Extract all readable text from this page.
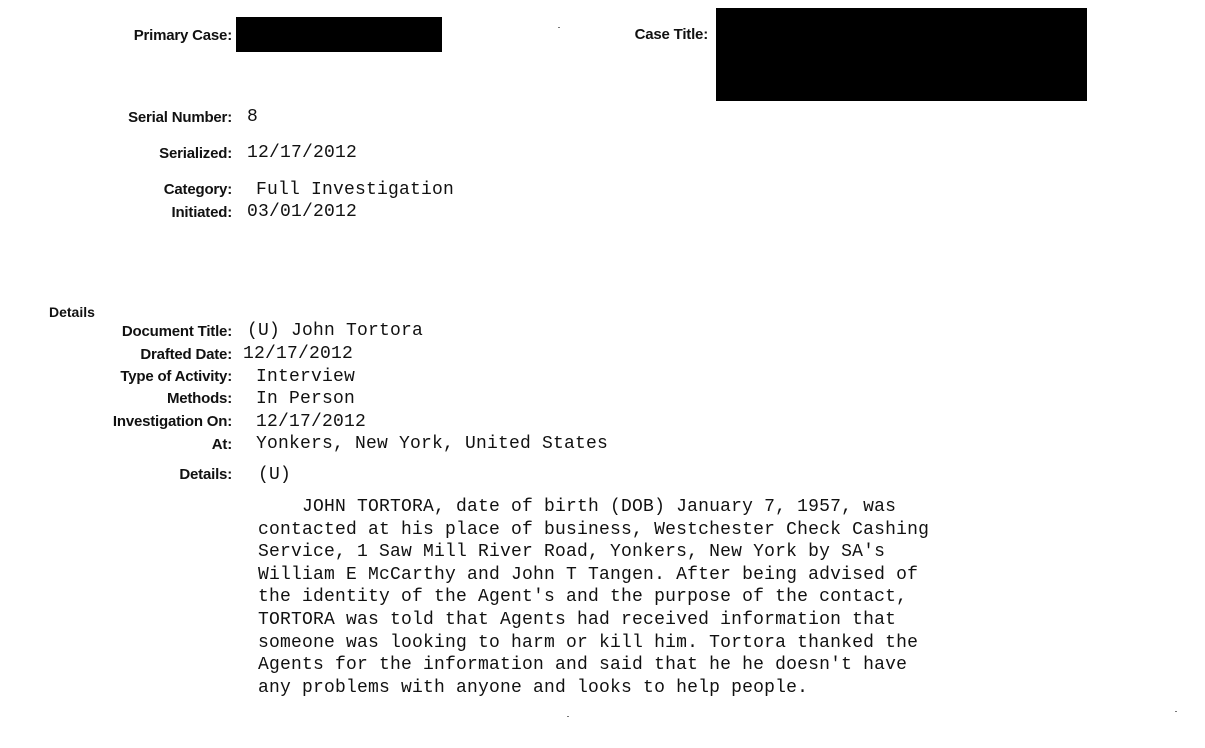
Primary Case:	Case Title:
Serial Number: 8
Serialized: 12/17/2012
Category: Full Investigation
Initiated: 03/01/2012
Details
Document Title: (U) John Tortora
Drafted Date: 12/17/2012
Type of Activity: Interview
Methods: In Person
Investigation On: 12/17/2012
At: Yonkers, New York, United States
Details: (U)
JOHN TORTORA, date of birth (DOB) January 7, 1957, was
contacted at his place of business, Westchester Check Cashing
Service, 1 Saw Mill River Road, Yonkers, New York by SA's
William E McCarthy and John T Tangen. After being advised of
the identity of the Agent's and the purpose of the contact,
TORTORA was told that Agents had received information that
someone was looking to harm or kill him. Tortora thanked the
Agents for the information and said that he he doesn't have
any problems with anyone and looks to help people.
